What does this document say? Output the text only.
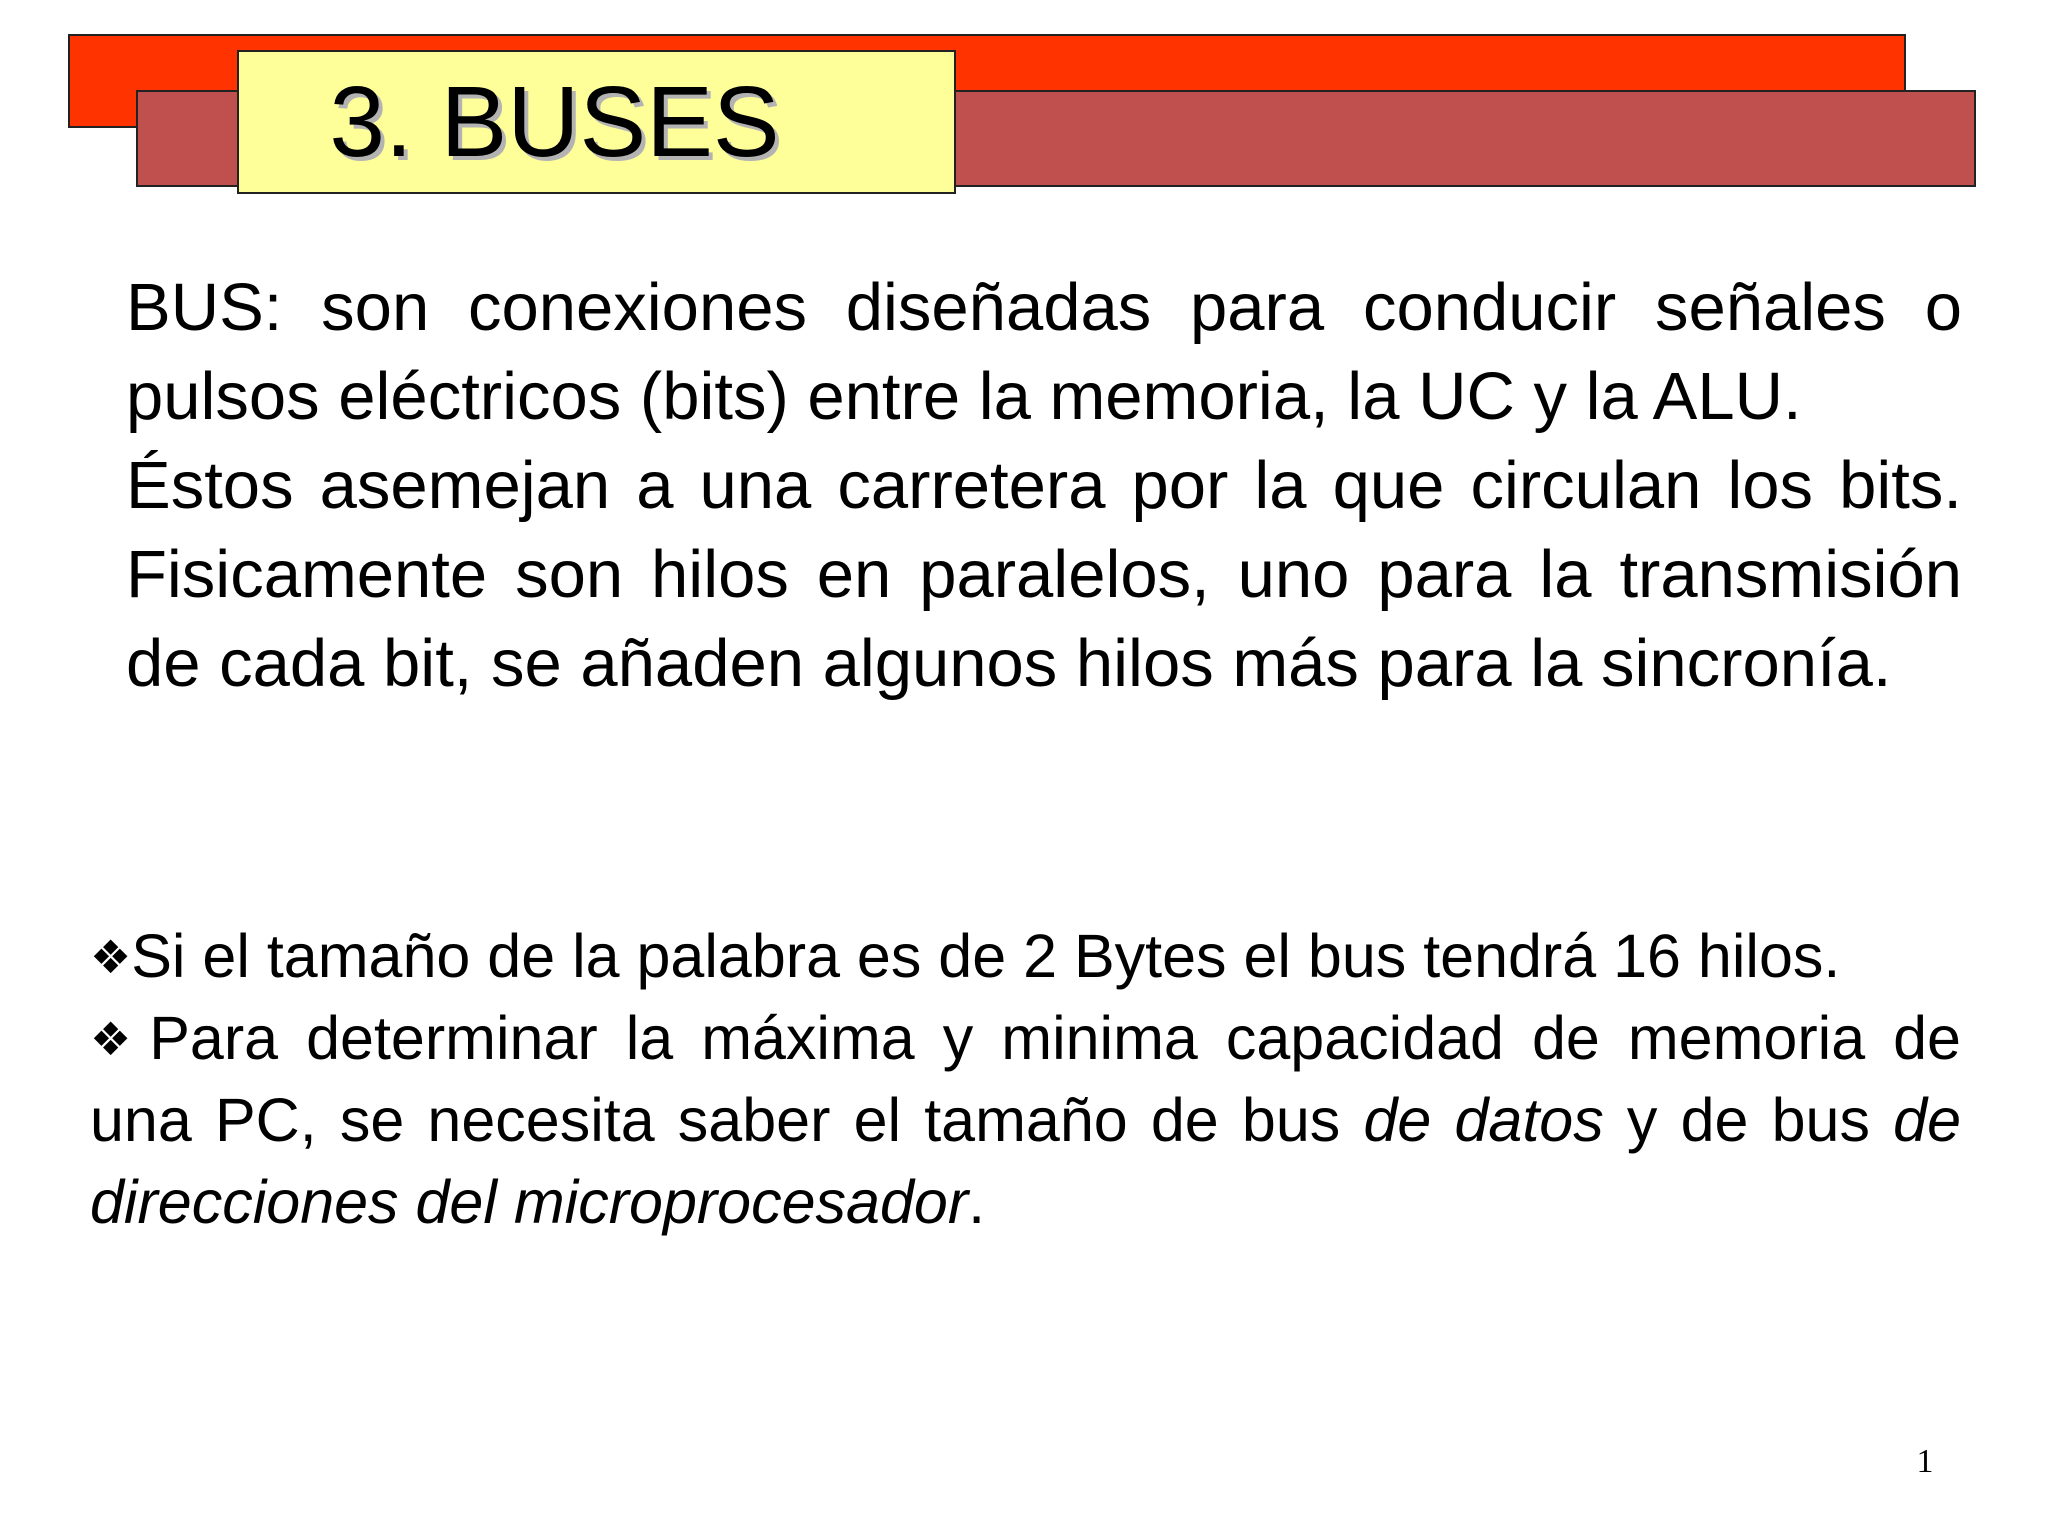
3. BUSES

BUS: son conexiones diseñadas para conducir señales o pulsos eléctricos (bits) entre la memoria, la UC y la ALU.

Éstos asemejan a una carretera por la que circulan los bits. Fisicamente son hilos en paralelos, uno para la transmisión de cada bit, se añaden algunos hilos más para la sincronía.

❖Si el tamaño de la palabra es de 2 Bytes el bus tendrá 16 hilos.

❖ Para determinar la máxima y minima capacidad de memoria de una PC, se necesita saber el tamaño de bus de datos y de bus de direcciones del microprocesador.

1
